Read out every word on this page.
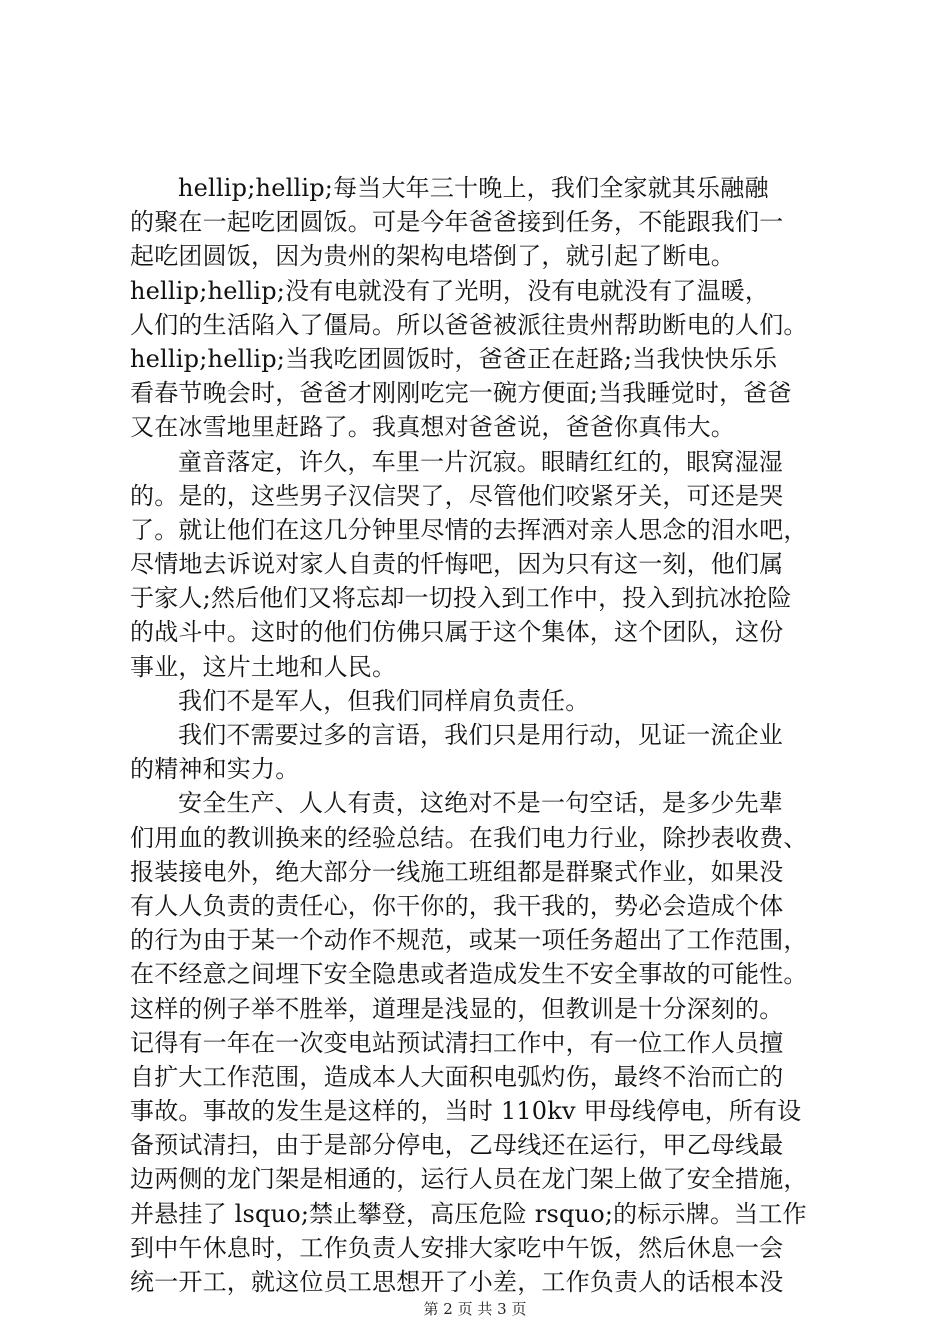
hellip;hellip;每当大年三十晚上，我们全家就其乐融融
的聚在一起吃团圆饭。可是今年爸爸接到任务，不能跟我们一
起吃团圆饭，因为贵州的架构电塔倒了，就引起了断电。
hellip;hellip;没有电就没有了光明，没有电就没有了温暖，
人们的生活陷入了僵局。所以爸爸被派往贵州帮助断电的人们。
hellip;hellip;当我吃团圆饭时，爸爸正在赶路;当我快快乐乐
看春节晚会时，爸爸才刚刚吃完一碗方便面;当我睡觉时，爸爸
又在冰雪地里赶路了。我真想对爸爸说，爸爸你真伟大。
童音落定，许久，车里一片沉寂。眼睛红红的，眼窝湿湿
的。是的，这些男子汉信哭了，尽管他们咬紧牙关，可还是哭
了。就让他们在这几分钟里尽情的去挥洒对亲人思念的泪水吧，
尽情地去诉说对家人自责的忏悔吧，因为只有这一刻，他们属
于家人;然后他们又将忘却一切投入到工作中，投入到抗冰抢险
的战斗中。这时的他们仿佛只属于这个集体，这个团队，这份
事业，这片土地和人民。
我们不是军人，但我们同样肩负责任。
我们不需要过多的言语，我们只是用行动，见证一流企业
的精神和实力。
安全生产、人人有责，这绝对不是一句空话，是多少先辈
们用血的教训换来的经验总结。在我们电力行业，除抄表收费、
报装接电外，绝大部分一线施工班组都是群聚式作业，如果没
有人人负责的责任心，你干你的，我干我的，势必会造成个体
的行为由于某一个动作不规范，或某一项任务超出了工作范围，
在不经意之间埋下安全隐患或者造成发生不安全事故的可能性。
这样的例子举不胜举，道理是浅显的，但教训是十分深刻的。
记得有一年在一次变电站预试清扫工作中，有一位工作人员擅
自扩大工作范围，造成本人大面积电弧灼伤，最终不治而亡的
事故。事故的发生是这样的，当时 110kv 甲母线停电，所有设
备预试清扫，由于是部分停电，乙母线还在运行，甲乙母线最
边两侧的龙门架是相通的，运行人员在龙门架上做了安全措施，
并悬挂了 lsquo;禁止攀登，高压危险 rsquo;的标示牌。当工作
到中午休息时，工作负责人安排大家吃中午饭，然后休息一会
统一开工，就这位员工思想开了小差，工作负责人的话根本没
第 2 页 共 3 页
